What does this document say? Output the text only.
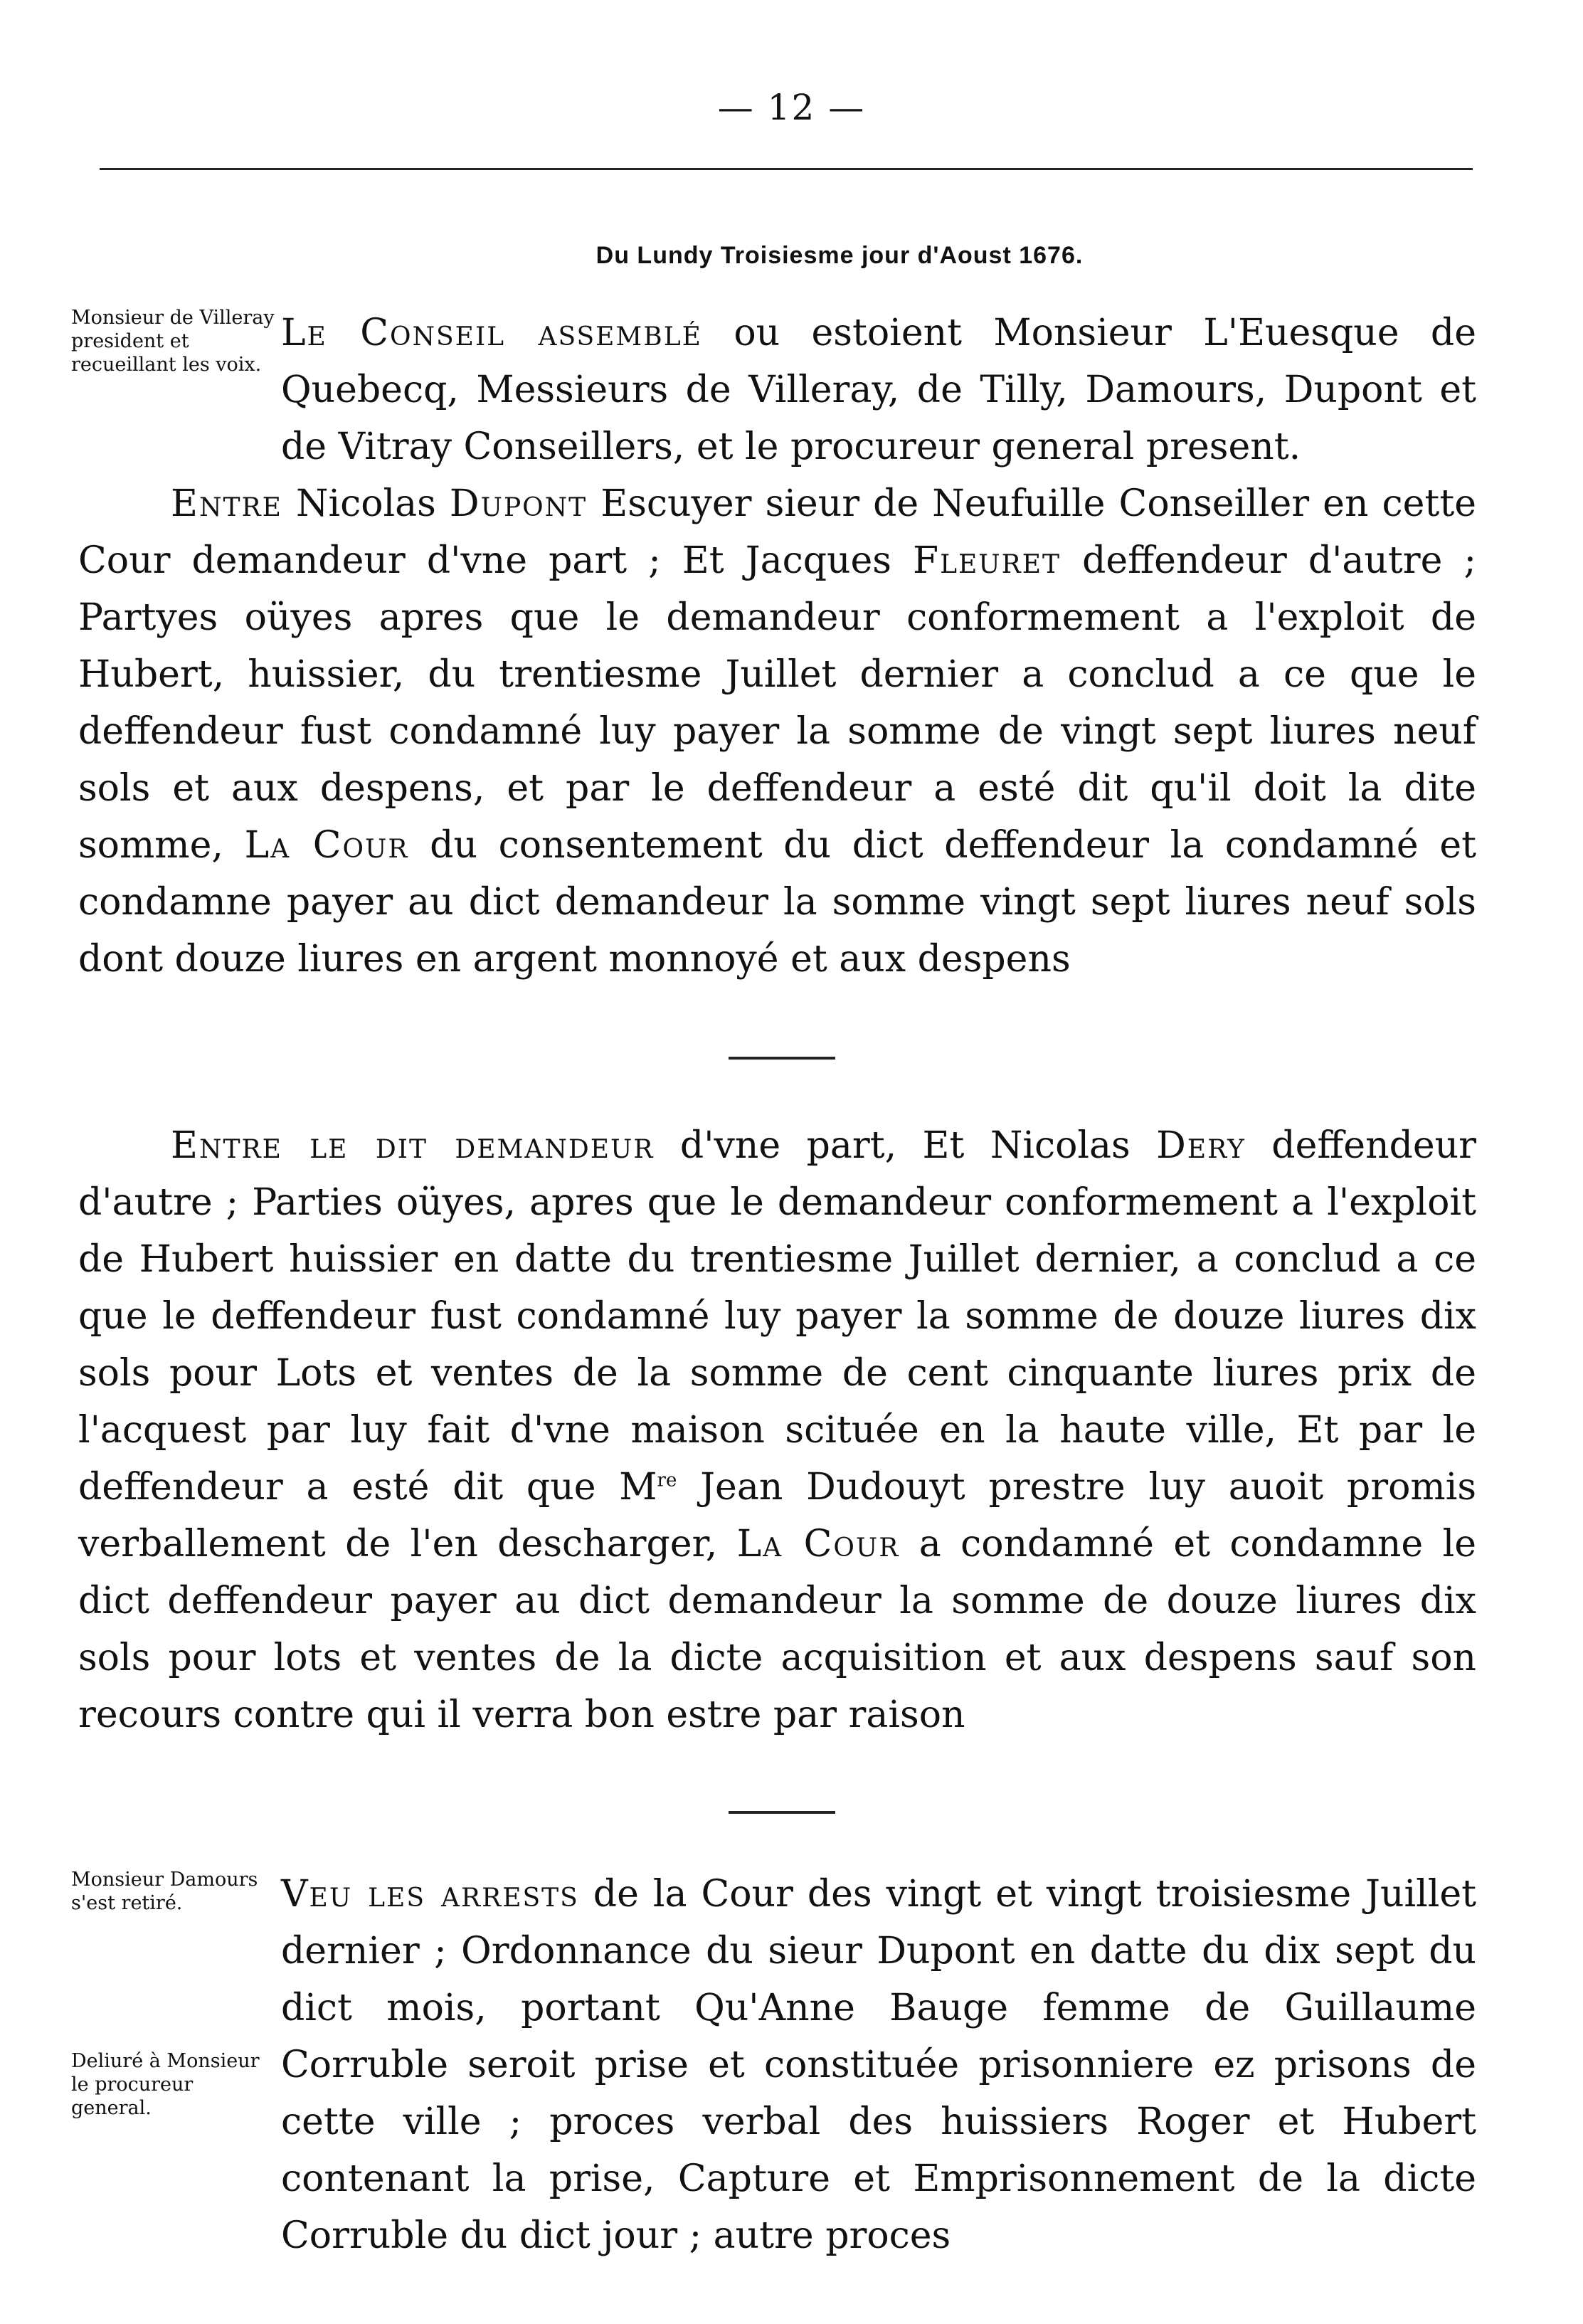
— 12 —
Du Lundy Troisiesme jour d'Aoust 1676.
Monsieur de Villeray president et recueillant les voix.

Le Conseil assemblé ou estoient Monsieur L'Euesque de Quebecq, Messieurs de Villeray, de Tilly, Damours, Dupont et de Vitray Conseillers, et le procureur general present.

Entre Nicolas Dupont Escuyer sieur de Neufuille Conseiller en cette Cour demandeur d'vne part ; Et Jacques Fleuret deffendeur d'autre ; Partyes oüyes apres que le demandeur conformement a l'exploit de Hubert, huissier, du trentiesme Juillet dernier a conclud a ce que le deffendeur fust condamné luy payer la somme de vingt sept liures neuf sols et aux despens, et par le deffendeur a esté dit qu'il doit la dite somme, La Cour du consentement du dict deffendeur la condamné et condamne payer au dict demandeur la somme vingt sept liures neuf sols dont douze liures en argent monnoyé et aux despens

Entre le dit demandeur d'vne part, Et Nicolas Dery deffendeur d'autre ; Parties oüyes, apres que le demandeur conformement a l'exploit de Hubert huissier en datte du trentiesme Juillet dernier, a conclud a ce que le deffendeur fust condamné luy payer la somme de douze liures dix sols pour Lots et ventes de la somme de cent cinquante liures prix de l'acquest par luy fait d'vne maison scituée en la haute ville, Et par le deffendeur a esté dit que Mre Jean Dudouyt prestre luy auoit promis verballement de l'en descharger, La Cour a condamné et condamne le dict deffendeur payer au dict demandeur la somme de douze liures dix sols pour lots et ventes de la dicte acquisition et aux despens sauf son recours contre qui il verra bon estre par raison

Monsieur Damours s'est retiré.
Deliuré à Monsieur le procureur general.

Veu les arrests de la Cour des vingt et vingt troisiesme Juillet dernier ; Ordonnance du sieur Dupont en datte du dix sept du dict mois, portant Qu'Anne Bauge femme de Guillaume Corruble seroit prise et constituée prisonniere ez prisons de cette ville ; proces verbal des huissiers Roger et Hubert contenant la prise, Capture et Emprisonnement de la dicte Corruble du dict jour ; autre proces
